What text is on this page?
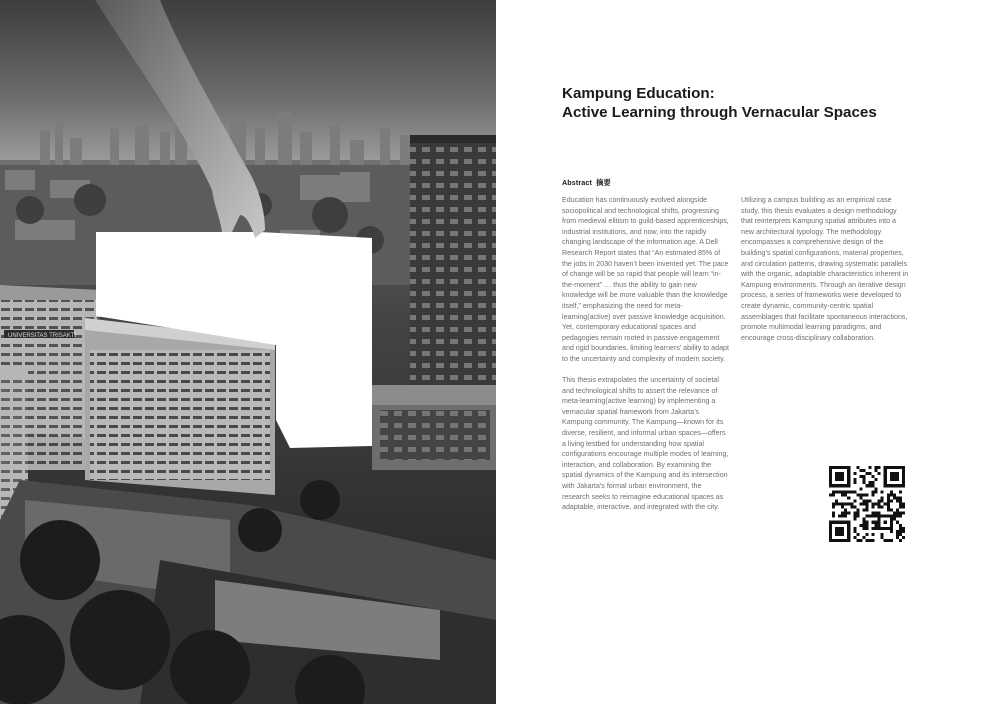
UNIVERSITAS TRISAKTI
Kampung Education:
Active Learning through Vernacular Spaces
Abstract 摘要

Education has continuously evolved alongside sociopolitical and technological shifts, progressing from medieval elitism to guild-based apprenticeships, industrial institutions, and now, into the rapidly changing landscape of the information age. A Dell Research Report states that “An estimated 85% of the jobs in 2030 haven’t been invented yet. The pace of change will be so rapid that people will learn “in-the-moment” … thus the ability to gain new knowledge will be more valuable than the knowledge itself,” emphasizing the need for meta-learning(active) over passive knowledge acquisition. Yet, contemporary educational spaces and pedagogies remain rooted in passive engagement and rigid boundaries, limiting learners’ ability to adapt to the uncertainty and complexity of modern society.

This thesis extrapolates the uncertainty of societal and technological shifts to assert the relevance of meta-learning(active learning) by implementing a vernacular spatial framework from Jakarta’s Kampung community. The Kampung—known for its diverse, resilient, and informal urban spaces—offers a living testbed for understanding how spatial configurations encourage multiple modes of learning, interaction, and collaboration. By examining the spatial dynamics of the Kampung and its intersection with Jakarta’s formal urban environment, the research seeks to reimagine educational spaces as adaptable, interactive, and integrated with the city.

Utilizing a campus building as an empirical case study, this thesis evaluates a design methodology that reinterprets Kampung spatial attributes into a new architectural typology. The methodology encompasses a comprehensive design of the building’s spatial configurations, material properties, and circulation patterns, drawing systematic parallels with the organic, adaptable characteristics inherent in Kampung environments. Through an iterative design process, a series of frameworks were developed to create dynamic, community-centric spatial assemblages that facilitate spontaneous interactions, promote multimodal learning paradigms, and encourage cross-disciplinary collaboration.
